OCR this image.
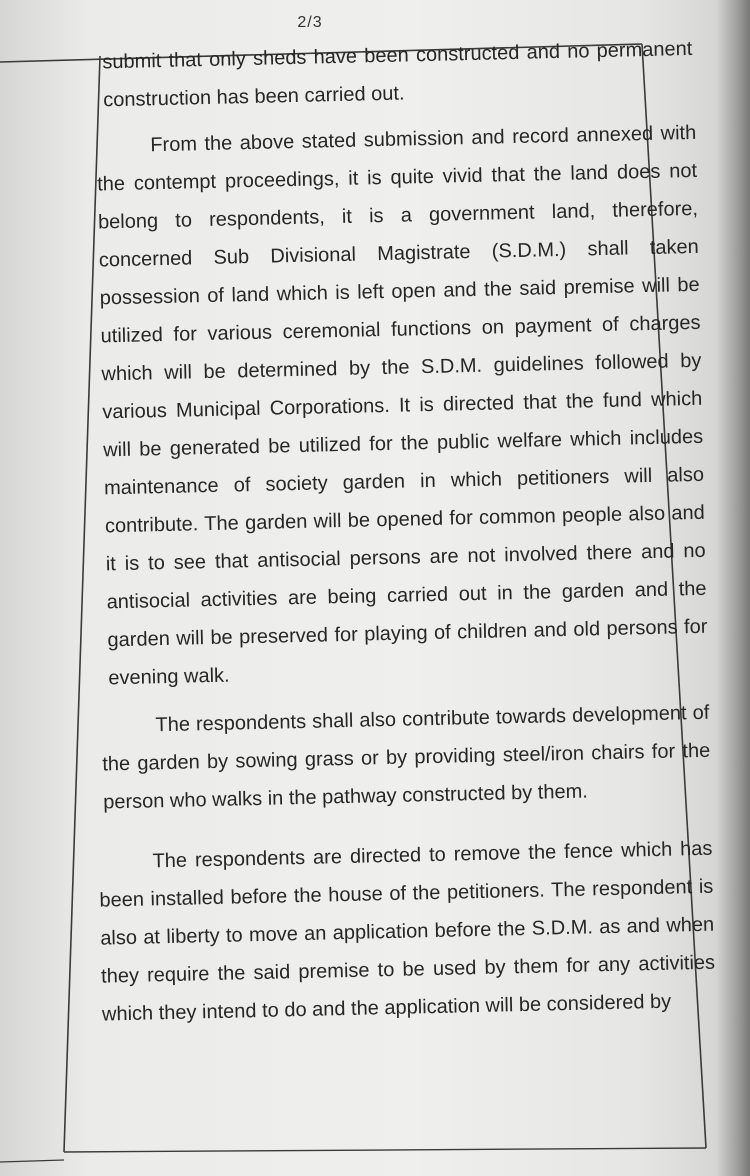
2/3

submit that only sheds have been constructed and no permanent construction has been carried out.

From the above stated submission and record annexed with the contempt proceedings, it is quite vivid that the land does not belong to respondents, it is a government land, therefore, concerned Sub Divisional Magistrate (S.D.M.) shall taken possession of land which is left open and the said premise will be utilized for various ceremonial functions on payment of charges which will be determined by the S.D.M. guidelines followed by various Municipal Corporations. It is directed that the fund which will be generated be utilized for the public welfare which includes maintenance of society garden in which petitioners will also contribute. The garden will be opened for common people also and it is to see that antisocial persons are not involved there and no antisocial activities are being carried out in the garden and the garden will be preserved for playing of children and old persons for evening walk.

The respondents shall also contribute towards development of the garden by sowing grass or by providing steel/iron chairs for the person who walks in the pathway constructed by them.

The respondents are directed to remove the fence which has been installed before the house of the petitioners. The respondent is also at liberty to move an application before the S.D.M. as and when they require the said premise to be used by them for any activities which they intend to do and the application will be considered by
